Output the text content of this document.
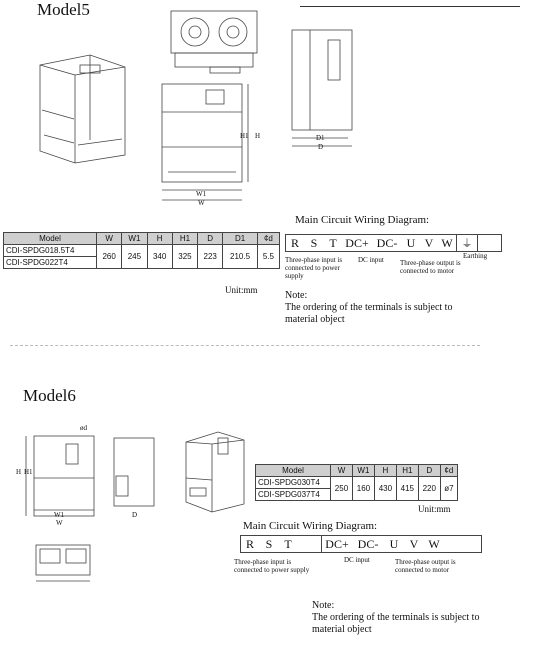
Model5
W1
W
H1 H	D1
D
Model	W	W1	H	H1	D	D1	¢d
CDI-SPDG018.5T4	260	245	340	325	223	210.5	5.5
CDI-SPDG022T4							
Unit:mm
Main Circuit Wiring Diagram:
R S T DC+ DC- U V W ⏚
Three-phase input is connected to power supply
DC input Three-phase output is connected to motor
Earthing
Note:
The ordering of the terminals is subject to material object
Model6
ød
H H1
W1
W
D
Model	W	W1	H	H1	D	¢d
CDI-SPDG030T4	250	160	430	415	220	ø7
CDI-SPDG037T4						
Unit:mm
Main Circuit Wiring Diagram:
R S T	DC+ DC- U V W
Three-phase input is connected to power supply
DC input	Three-phase output is connected to motor
Note:
The ordering of the terminals is subject to material object
